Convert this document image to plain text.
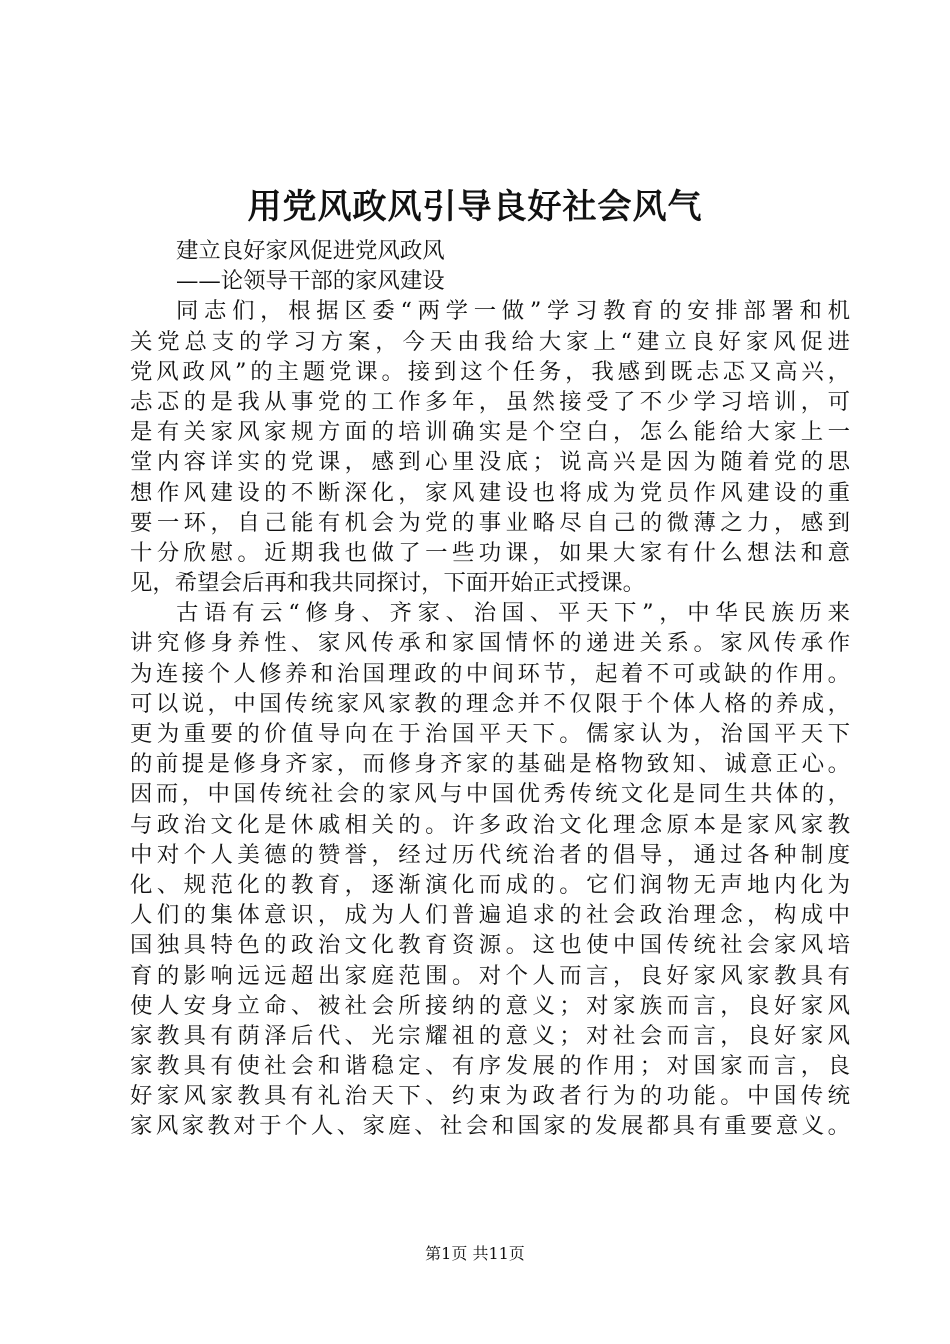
用党风政风引导良好社会风气
建立良好家风促进党风政风
——论领导干部的家风建设
同志们，根据区委“两学一做”学习教育的安排部署和机
关党总支的学习方案，今天由我给大家上“建立良好家风促进
党风政风”的主题党课。接到这个任务，我感到既忐忑又高兴，
忐忑的是我从事党的工作多年，虽然接受了不少学习培训，可
是有关家风家规方面的培训确实是个空白，怎么能给大家上一
堂内容详实的党课，感到心里没底；说高兴是因为随着党的思
想作风建设的不断深化，家风建设也将成为党员作风建设的重
要一环，自己能有机会为党的事业略尽自己的微薄之力，感到
十分欣慰。近期我也做了一些功课，如果大家有什么想法和意
见，希望会后再和我共同探讨，下面开始正式授课。
古语有云“修身、齐家、治国、平天下”，中华民族历来
讲究修身养性、家风传承和家国情怀的递进关系。家风传承作
为连接个人修养和治国理政的中间环节，起着不可或缺的作用。
可以说，中国传统家风家教的理念并不仅限于个体人格的养成，
更为重要的价值导向在于治国平天下。儒家认为，治国平天下
的前提是修身齐家，而修身齐家的基础是格物致知、诚意正心。
因而，中国传统社会的家风与中国优秀传统文化是同生共体的，
与政治文化是休戚相关的。许多政治文化理念原本是家风家教
中对个人美德的赞誉，经过历代统治者的倡导，通过各种制度
化、规范化的教育，逐渐演化而成的。它们润物无声地内化为
人们的集体意识，成为人们普遍追求的社会政治理念，构成中
国独具特色的政治文化教育资源。这也使中国传统社会家风培
育的影响远远超出家庭范围。对个人而言，良好家风家教具有
使人安身立命、被社会所接纳的意义；对家族而言，良好家风
家教具有荫泽后代、光宗耀祖的意义；对社会而言，良好家风
家教具有使社会和谐稳定、有序发展的作用；对国家而言，良
好家风家教具有礼治天下、约束为政者行为的功能。中国传统
家风家教对于个人、家庭、社会和国家的发展都具有重要意义。
第1页 共11页
